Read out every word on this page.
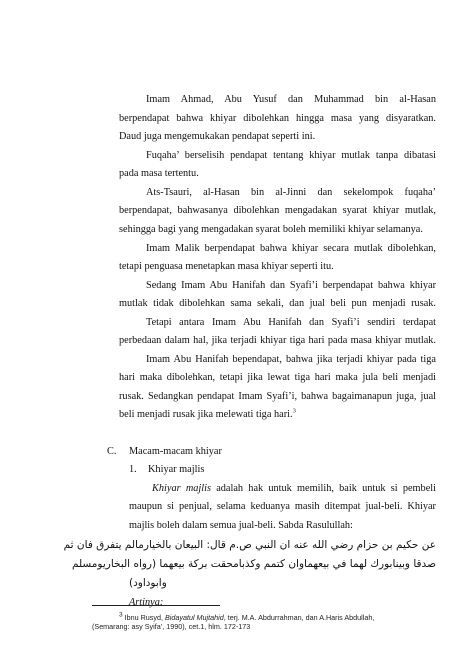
Imam Ahmad, Abu Yusuf dan Muhammad bin al-Hasan
berpendapat bahwa khiyar dibolehkan hingga masa yang disyaratkan.
Daud juga mengemukakan pendapat seperti ini.
Fuqaha’ berselisih pendapat tentang khiyar mutlak tanpa dibatasi
pada masa tertentu.
Ats-Tsauri, al-Hasan bin al-Jinni dan sekelompok fuqaha’
berpendapat, bahwasanya dibolehkan mengadakan syarat khiyar mutlak,
sehingga bagi yang mengadakan syarat boleh memiliki khiyar selamanya.
Imam Malik berpendapat bahwa khiyar secara mutlak dibolehkan,
tetapi penguasa menetapkan masa khiyar seperti itu.
Sedang Imam Abu Hanifah dan Syafi’i berpendapat bahwa khiyar
mutlak tidak dibolehkan sama sekali, dan jual beli pun menjadi rusak.
Tetapi antara Imam Abu Hanifah dan Syafi’i sendiri terdapat
perbedaan dalam hal, jika terjadi khiyar tiga hari pada masa khiyar mutlak.
Imam Abu Hanifah bependapat, bahwa jika terjadi khiyar pada tiga
hari maka dibolehkan, tetapi jika lewat tiga hari maka jula beli menjadi
rusak. Sedangkan pendapat Imam Syafi’i, bahwa bagaimanapun juga, jual
beli menjadi rusak jika melewati tiga hari.$^3$
C. Macam-macam khiyar
1. Khiyar majlis
Khiyar majlis adalah hak untuk memilih, baik untuk si pembeli
maupun si penjual, selama keduanya masih ditempat jual-beli. Khiyar
majlis boleh dalam semua jual-beli. Sabda Rasulullah:
عن حكيم بن حزام رضي الله عنه ان النبي ص.م قال: البيعان بالخيارمالم يتفرق فان ثم
صدقا وبينابورك لهما في بيعهماوان كتمم وكذبامحقت بركة بيعهما (رواه البخاريومسلم
وابوداود)
Artinya:
3 Ibnu Rusyd, Bidayatul Mujtahid, terj. M.A. Abdurrahman, dan A.Haris Abdullah,
(Semarang: asy Syifa’, 1990), cet.1, hlm. 172-173
